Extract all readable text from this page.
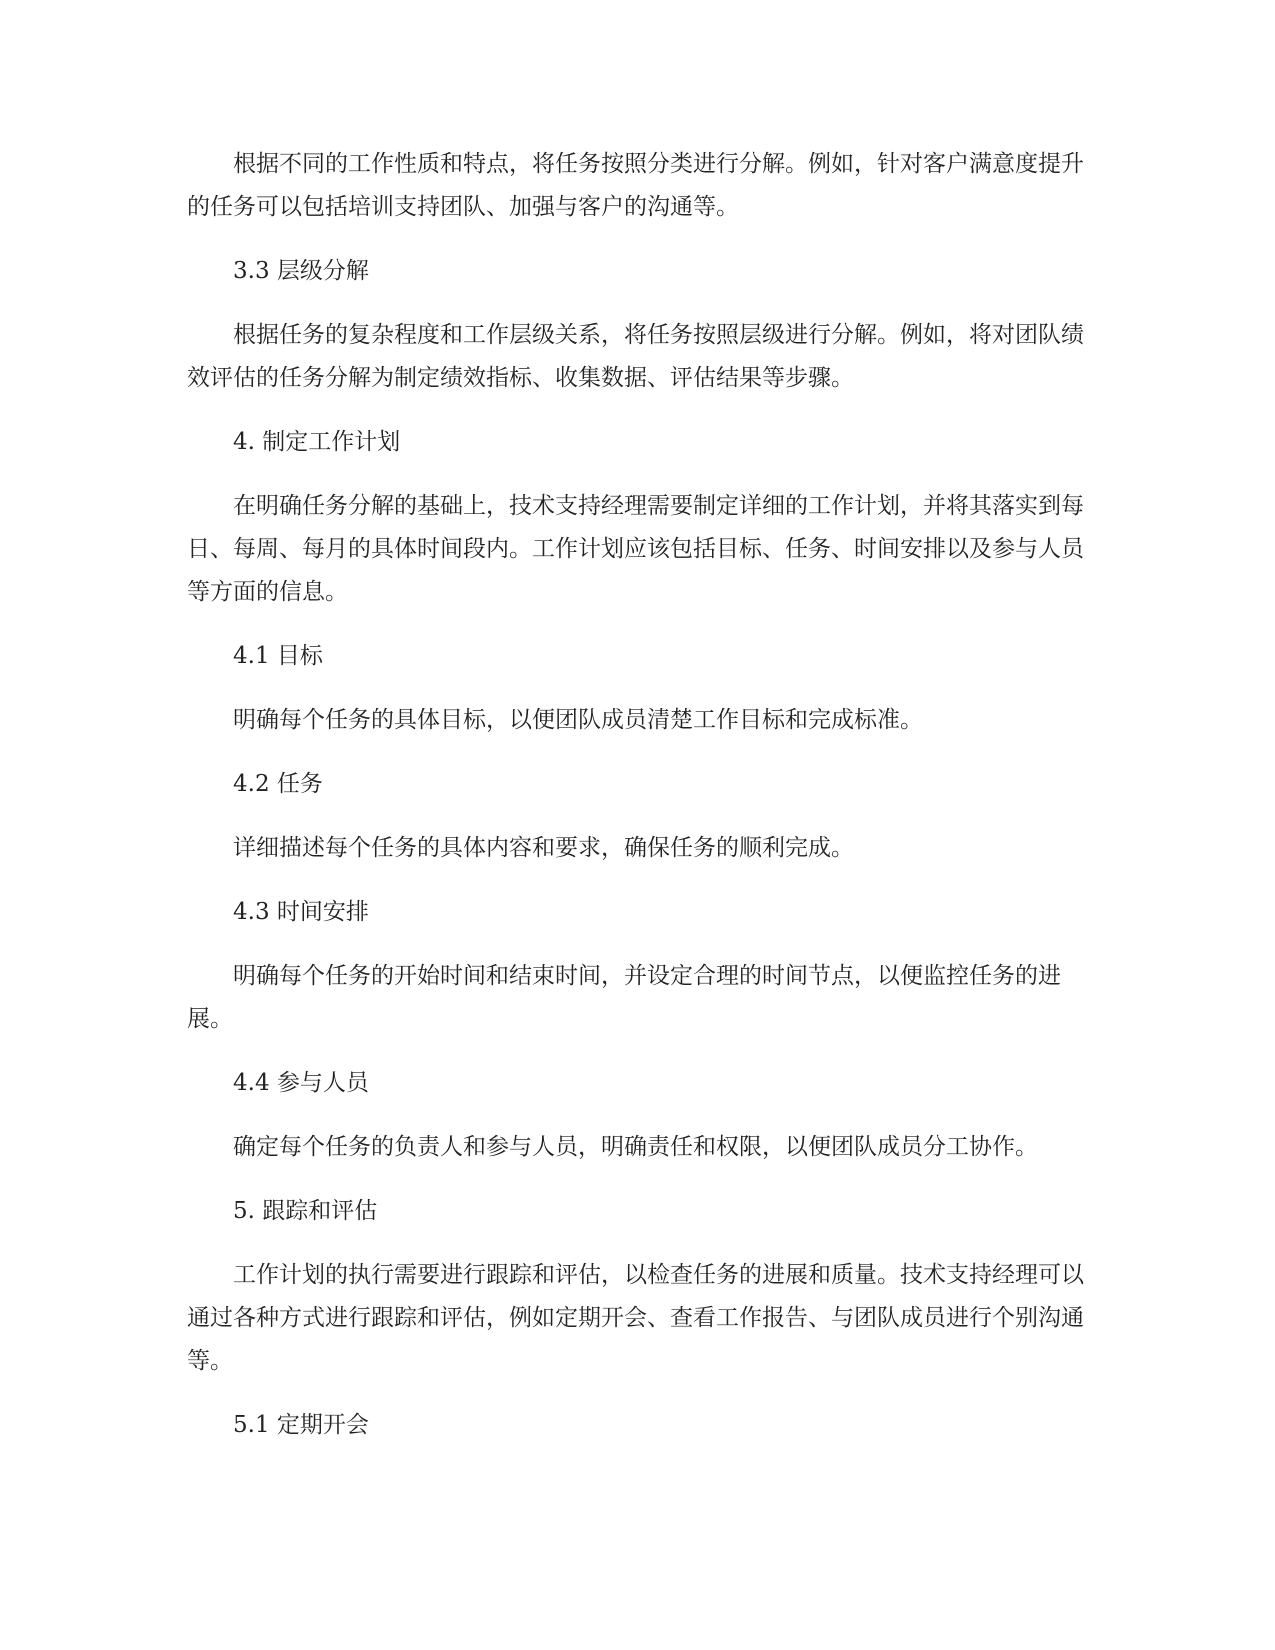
根据不同的工作性质和特点，将任务按照分类进行分解。例如，针对客户满意度提升的任务可以包括培训支持团队、加强与客户的沟通等。

3.3 层级分解

根据任务的复杂程度和工作层级关系，将任务按照层级进行分解。例如，将对团队绩效评估的任务分解为制定绩效指标、收集数据、评估结果等步骤。

4. 制定工作计划

在明确任务分解的基础上，技术支持经理需要制定详细的工作计划，并将其落实到每日、每周、每月的具体时间段内。工作计划应该包括目标、任务、时间安排以及参与人员等方面的信息。

4.1 目标

明确每个任务的具体目标，以便团队成员清楚工作目标和完成标准。

4.2 任务

详细描述每个任务的具体内容和要求，确保任务的顺利完成。

4.3 时间安排

明确每个任务的开始时间和结束时间，并设定合理的时间节点，以便监控任务的进展。

4.4 参与人员

确定每个任务的负责人和参与人员，明确责任和权限，以便团队成员分工协作。

5. 跟踪和评估

工作计划的执行需要进行跟踪和评估，以检查任务的进展和质量。技术支持经理可以通过各种方式进行跟踪和评估，例如定期开会、查看工作报告、与团队成员进行个别沟通等。

5.1 定期开会
